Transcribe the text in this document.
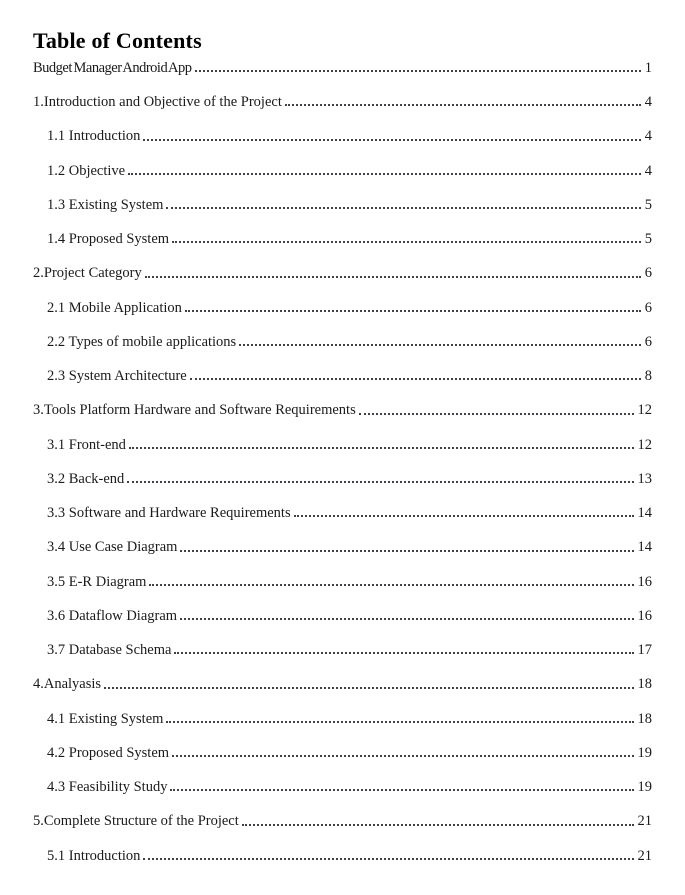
Table of Contents
Budget Manager Android App	1
1.Introduction and Objective of the Project	4
1.1 Introduction	4
1.2 Objective	4
1.3 Existing System	5
1.4 Proposed System	5
2.Project Category	6
2.1 Mobile Application	6
2.2 Types of mobile applications	6
2.3 System Architecture	8
3.Tools Platform Hardware and Software Requirements	12
3.1 Front-end	12
3.2 Back-end	13
3.3 Software and Hardware Requirements	14
3.4 Use Case Diagram	14
3.5 E-R Diagram	16
3.6 Dataflow Diagram	16
3.7 Database Schema	17
4.Analyasis	18
4.1 Existing System	18
4.2 Proposed System	19
4.3 Feasibility Study	19
5.Complete Structure of the Project	21
5.1 Introduction	21
